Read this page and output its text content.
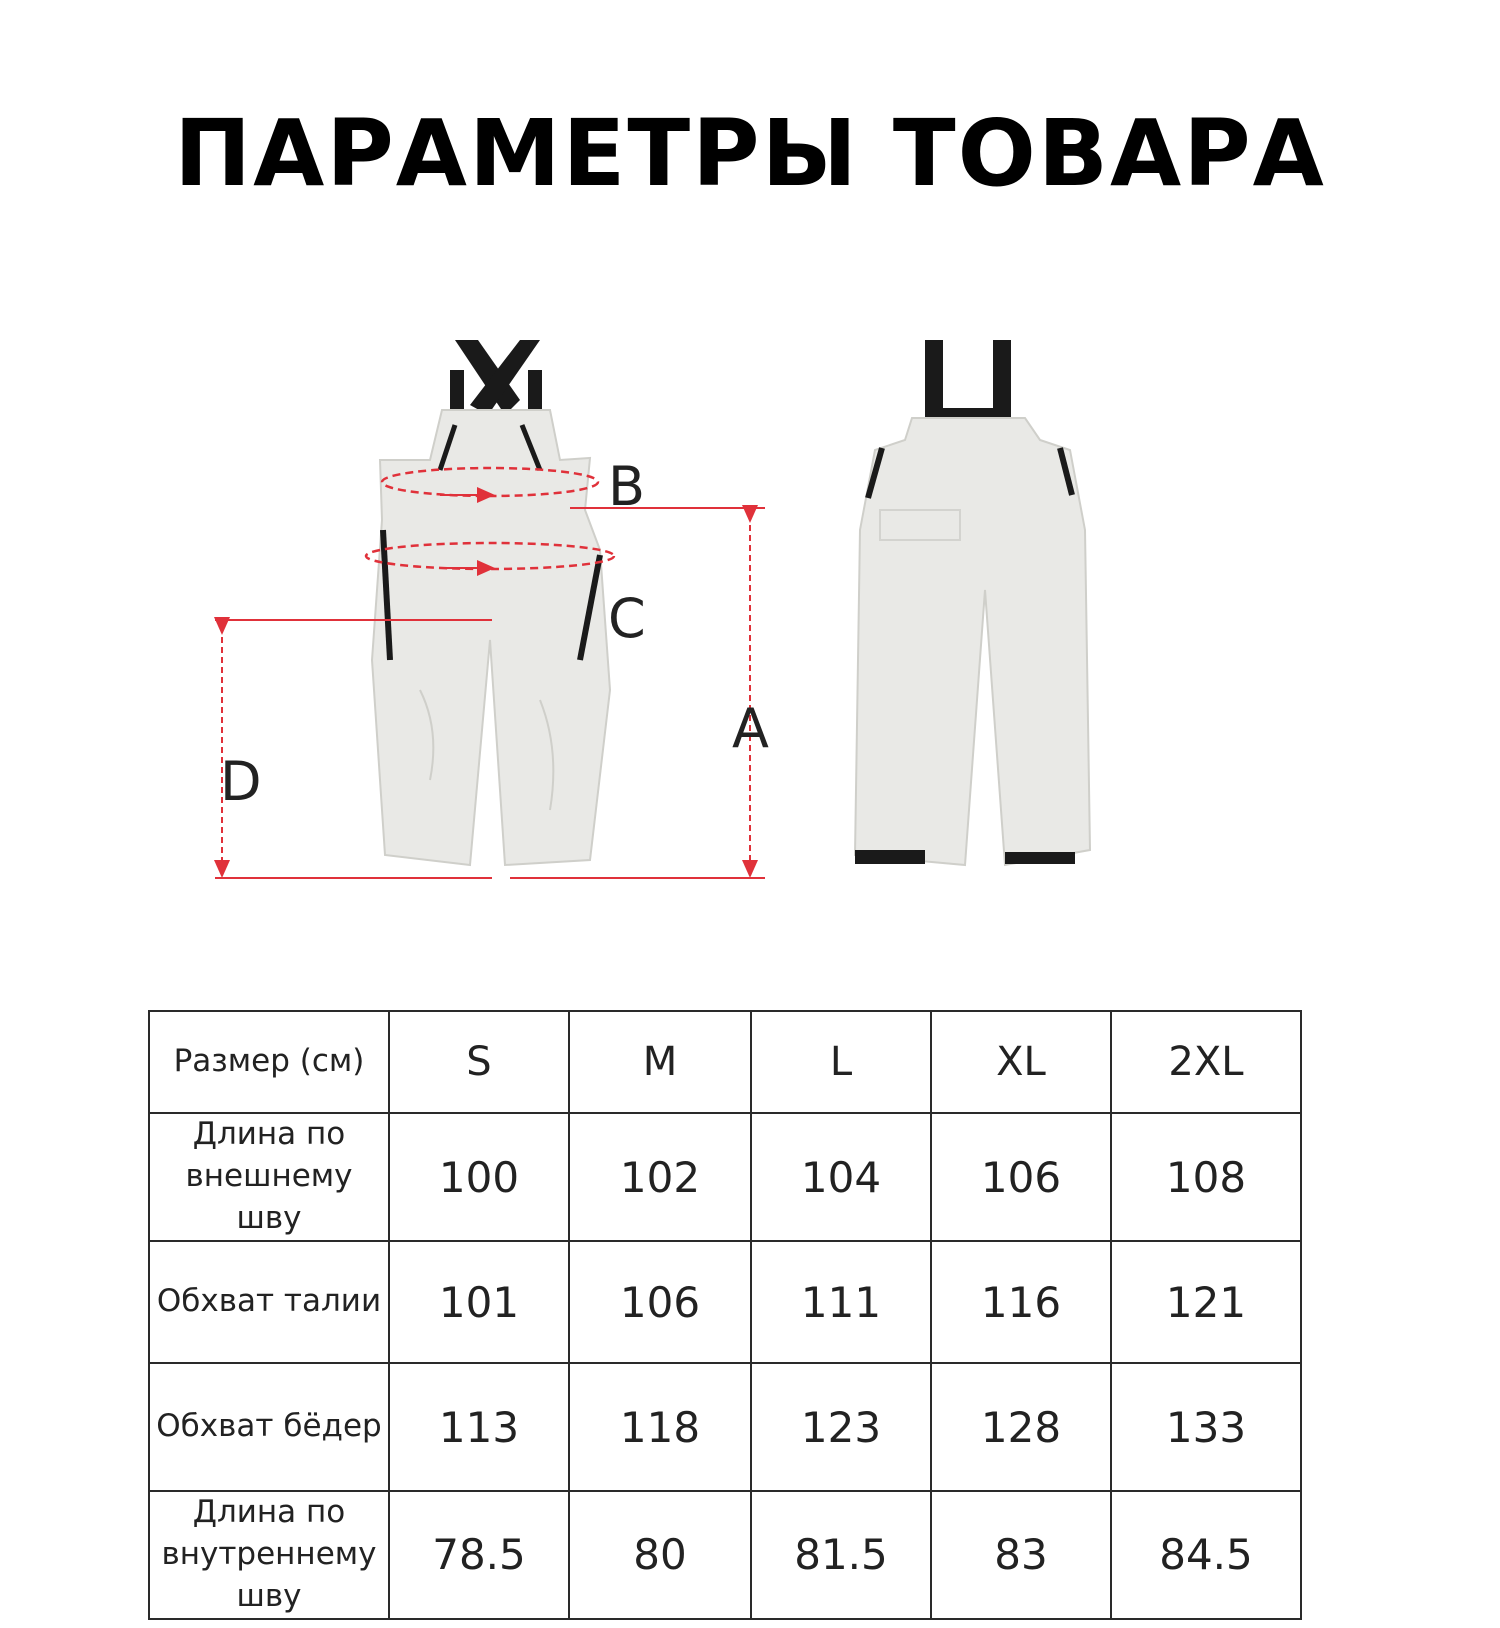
ПАРАМЕТРЫ ТОВАРА
B
C
A
D
Размер (см)	S	M	L	XL	2XL
Длина по внешнему шву	100	102	104	106	108
Обхват талии	101	106	111	116	121
Обхват бёдер	113	118	123	128	133
Длина по внутреннему шву	78.5	80	81.5	83	84.5
